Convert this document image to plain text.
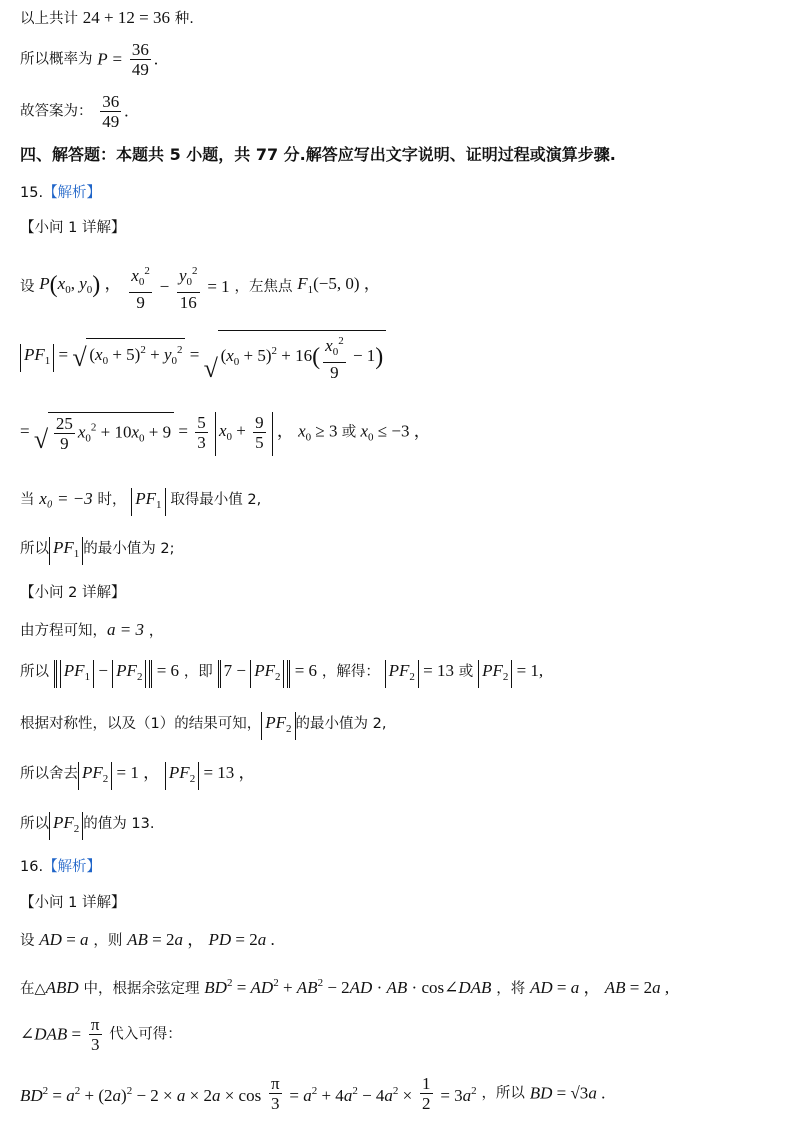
以上共计 24 + 12 = 36 种.
所以概率为 $P = \frac{36}{49}$ .
故答案为： $\frac{36}{49}$ .
四、解答题：本题共 5 小题，共 77 分.解答应写出文字说明、证明过程或演算步骤.
15.【解析】
【小问 1 详解】
设 $P(x_0$, $y_0$) ， $\frac{x_0^2}{9} - \frac{y_0^2}{16} = 1$ ，左焦点 $F_1(-5$, 0) ，
$PF_1$ = √ $(x_0 + 5)^2 + y_0^2$ = √ $(x_0 + 5)^2 + 16( \frac{x_0^2}{9} - 1)$
= √ $\frac{25}{9} x_0^2 + 10x_0 + 9 = \frac{5}{3} x_0 + \frac{9}{5}$ ， $x_0 \ge 3$ 或 $x_0 \le -3$ ，
当 x₀ = −3 时， $PF_1$ 取得最小值 2,
所以 $PF_1$ 的最小值为 2;
【小问 2 详解】
由方程可知，a = 3 ，
所以 $PF_1 - PF_2 = 6$ ，即 $7 - PF_2 = 6$ ，解得： $PF_2 = 13$ 或 $PF_2 = 1$,
根据对称性，以及（1）的结果可知， $PF_2$ 的最小值为 2,
所以舍去 $PF_2 = 1$ ， $PF_2 = 13$ ，
所以 $PF_2$ 的值为 13.
16.【解析】
【小问 1 详解】
设 AD = a ，则 AB = 2a ， PD = 2a .
在△ABD 中，根据余弦定理 $BD^2 = AD^2 + AB^2 - 2AD$ · AB · cos∠DAB ，将 AD = a ， AB = 2a ,
∠DAB = $\frac{\pi}{3}$ 代入可得：
$BD^2 = a^2 + (2a)^2 - 2 \times a \times 2a \times \cos \frac{\pi}{3} = a^2 + 4a^2 - 4a^2 \times \frac{1}{2} = 3a^2$ ，所以 BD = √3a .
